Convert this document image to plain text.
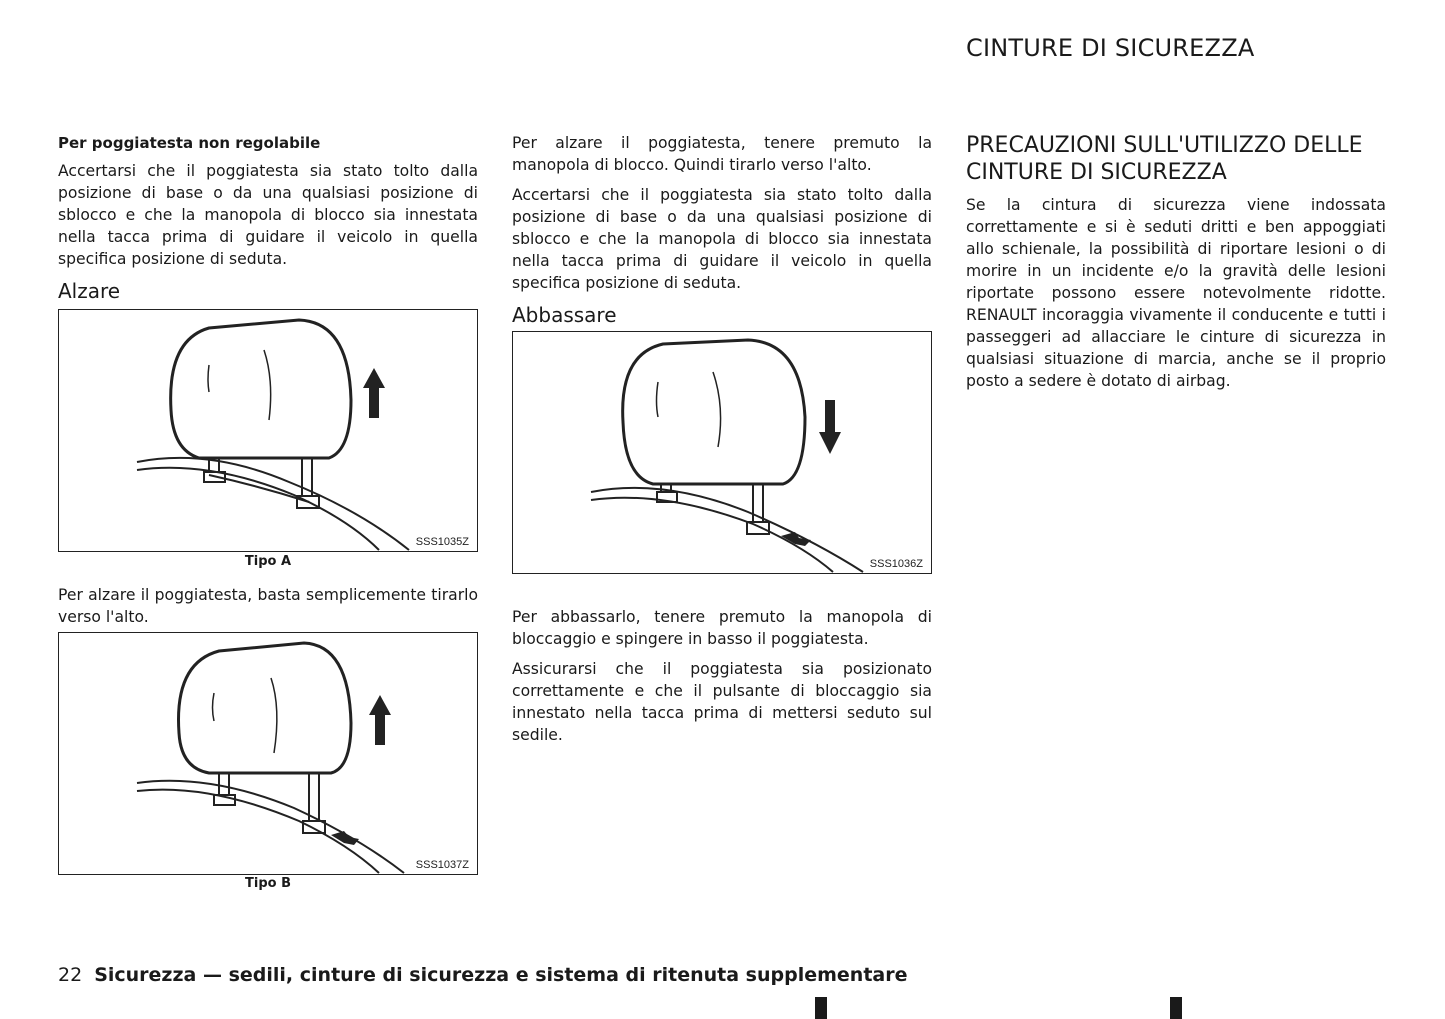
CINTURE DI SICUREZZA
Per poggiatesta non regolabile

Accertarsi che il poggiatesta sia stato tolto dalla posizione di base o da una qualsiasi posizione di sblocco e che la manopola di blocco sia innestata nella tacca prima di guidare il veicolo in quella specifica posizione di seduta.

Alzare
SSS1035Z
Tipo A

Per alzare il poggiatesta, basta semplicemente tirarlo verso l'alto.

SSS1037Z
Tipo B

Per alzare il poggiatesta, tenere premuto la manopola di blocco. Quindi tirarlo verso l'alto.

Accertarsi che il poggiatesta sia stato tolto dalla posizione di base o da una qualsiasi posizione di sblocco e che la manopola di blocco sia innestata nella tacca prima di guidare il veicolo in quella specifica posizione di seduta.

Abbassare
SSS1036Z

Per abbassarlo, tenere premuto la manopola di bloccaggio e spingere in basso il poggiatesta.

Assicurarsi che il poggiatesta sia posizionato correttamente e che il pulsante di bloccaggio sia innestato nella tacca prima di mettersi seduto sul sedile.

PRECAUZIONI SULL'UTILIZZO DELLE CINTURE DI SICUREZZA

Se la cintura di sicurezza viene indossata correttamente e si è seduti dritti e ben appoggiati allo schienale, la possibilità di riportare lesioni o di morire in un incidente e/o la gravità delle lesioni riportate possono essere notevolmente ridotte. RENAULT incoraggia vivamente il conducente e tutti i passeggeri ad allacciare le cinture di sicurezza in qualsiasi situazione di marcia, anche se il proprio posto a sedere è dotato di airbag.

22 Sicurezza — sedili, cinture di sicurezza e sistema di ritenuta supplementare
